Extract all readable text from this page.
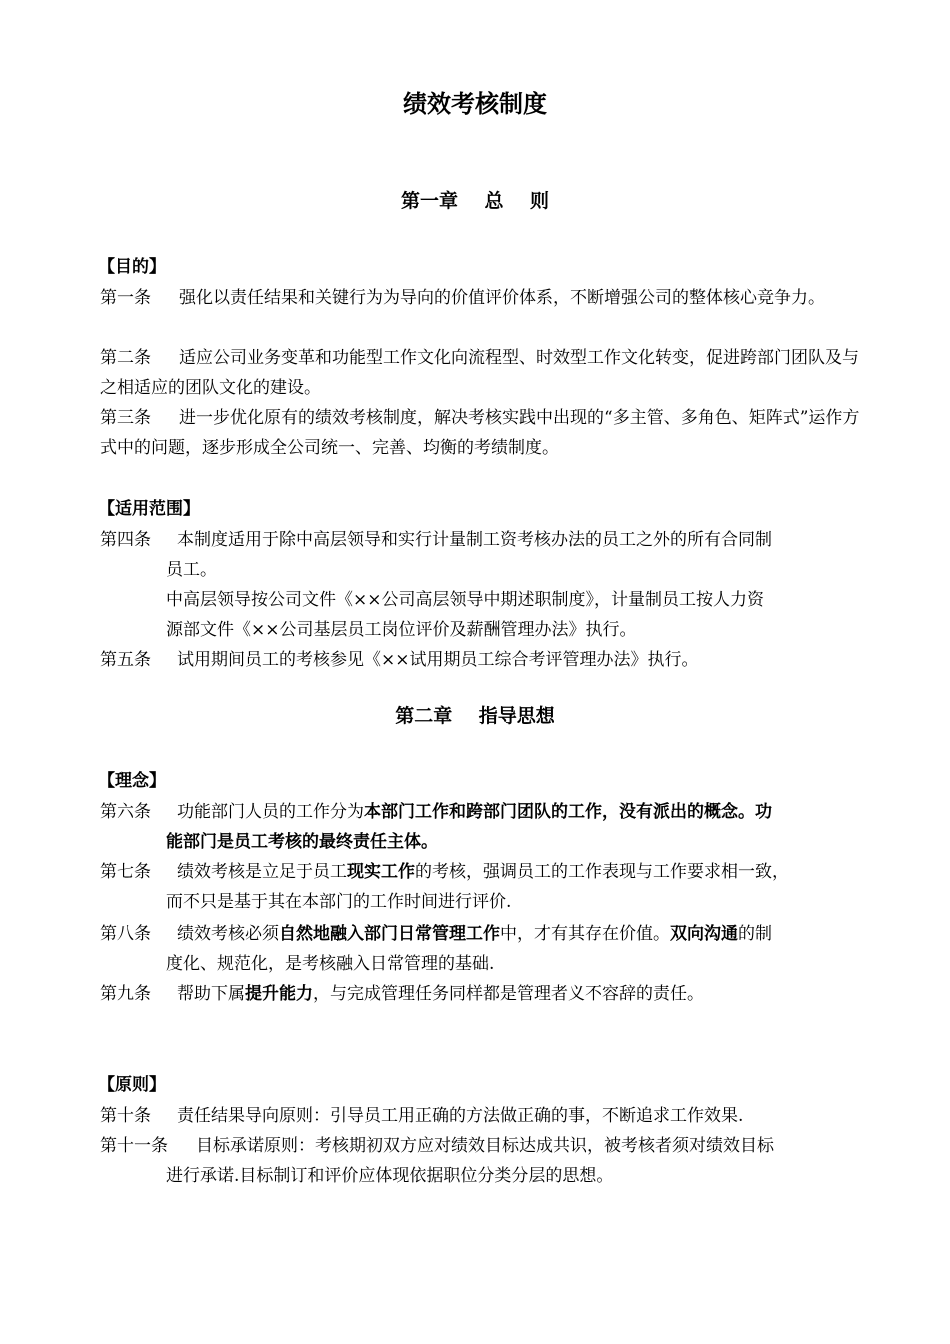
绩效考核制度
第一章    总    则
【目的】
第一条 强化以责任结果和关键行为为导向的价值评价体系，不断增强公司的整体核心竞争力。
第二条 适应公司业务变革和功能型工作文化向流程型、时效型工作文化转变，促进跨部门团队及与之相适应的团队文化的建设。
第三条 进一步优化原有的绩效考核制度，解决考核实践中出现的“多主管、多角色、矩阵式”运作方式中的问题，逐步形成全公司统一、完善、均衡的考绩制度。
【适用范围】
第四条 本制度适用于除中高层领导和实行计量制工资考核办法的员工之外的所有合同制
员工。
中高层领导按公司文件《××公司高层领导中期述职制度》，计量制员工按人力资
源部文件《××公司基层员工岗位评价及薪酬管理办法》执行。
第五条 试用期间员工的考核参见《××试用期员工综合考评管理办法》执行。
第二章    指导思想
【理念】
第六条 功能部门人员的工作分为本部门工作和跨部门团队的工作，没有派出的概念。功
能部门是员工考核的最终责任主体。
第七条 绩效考核是立足于员工现实工作的考核，强调员工的工作表现与工作要求相一致，
而不只是基于其在本部门的工作时间进行评价.
第八条 绩效考核必须自然地融入部门日常管理工作中，才有其存在价值。双向沟通的制
度化、规范化，是考核融入日常管理的基础.
第九条 帮助下属提升能力，与完成管理任务同样都是管理者义不容辞的责任。
【原则】
第十条 责任结果导向原则：引导员工用正确的方法做正确的事，不断追求工作效果.
第十一条 目标承诺原则：考核期初双方应对绩效目标达成共识，被考核者须对绩效目标
进行承诺.目标制订和评价应体现依据职位分类分层的思想。
